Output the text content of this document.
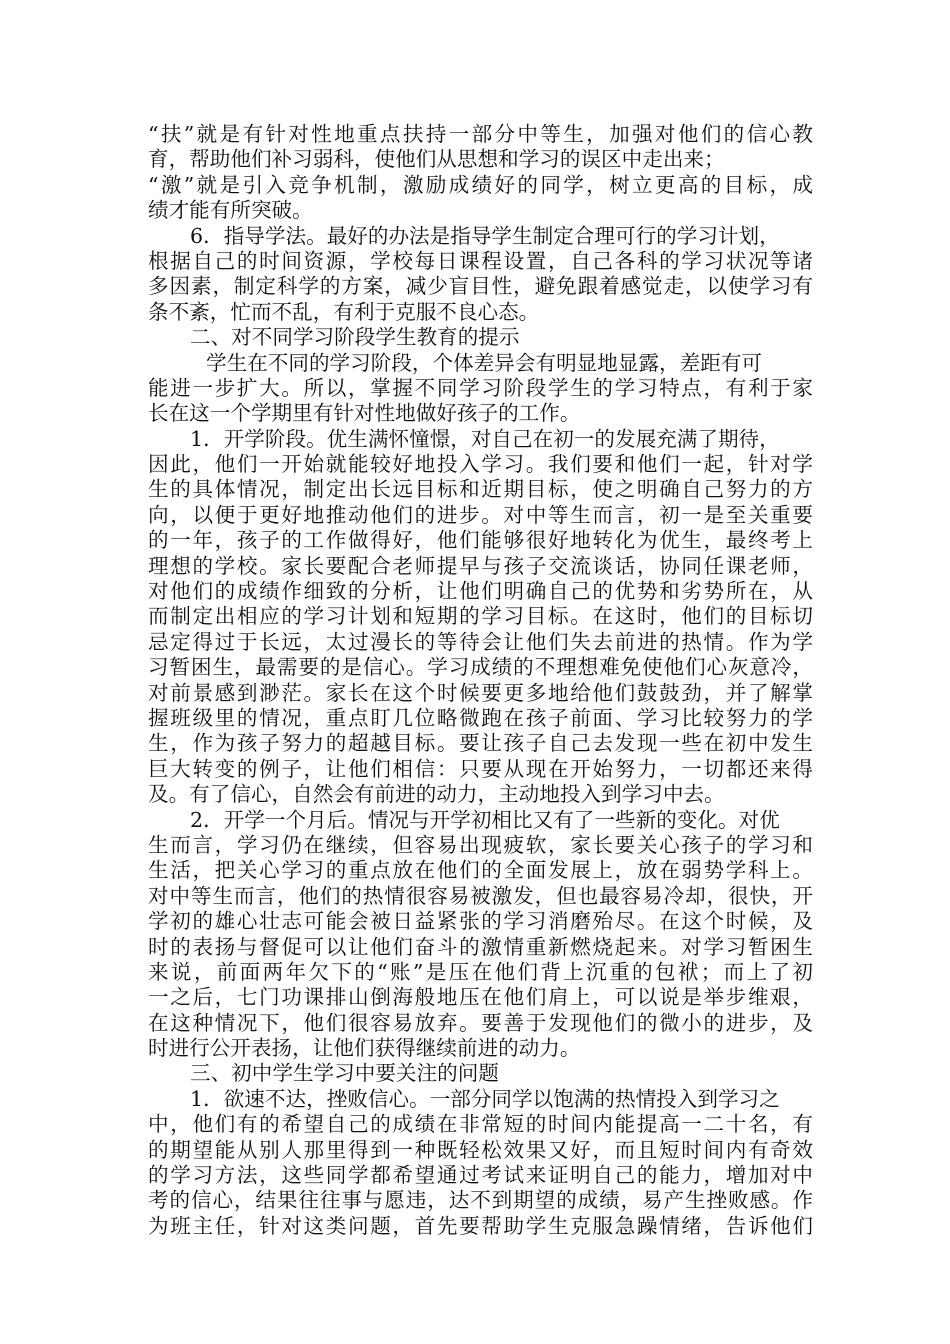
“扶”就是有针对性地重点扶持一部分中等生，加强对他们的信心教
育，帮助他们补习弱科，使他们从思想和学习的误区中走出来；
“激”就是引入竞争机制，激励成绩好的同学，树立更高的目标，成
绩才能有所突破。
6．指导学法。最好的办法是指导学生制定合理可行的学习计划，
根据自己的时间资源，学校每日课程设置，自己各科的学习状况等诸
多因素，制定科学的方案，减少盲目性，避免跟着感觉走，以使学习有
条不紊，忙而不乱，有利于克服不良心态。
二、对不同学习阶段学生教育的提示
学生在不同的学习阶段，个体差异会有明显地显露，差距有可
能进一步扩大。所以，掌握不同学习阶段学生的学习特点，有利于家
长在这一个学期里有针对性地做好孩子的工作。
1．开学阶段。优生满怀憧憬，对自己在初一的发展充满了期待，
因此，他们一开始就能较好地投入学习。我们要和他们一起，针对学
生的具体情况，制定出长远目标和近期目标，使之明确自己努力的方
向，以便于更好地推动他们的进步。对中等生而言，初一是至关重要
的一年，孩子的工作做得好，他们能够很好地转化为优生，最终考上
理想的学校。家长要配合老师提早与孩子交流谈话，协同任课老师，
对他们的成绩作细致的分析，让他们明确自己的优势和劣势所在，从
而制定出相应的学习计划和短期的学习目标。在这时，他们的目标切
忌定得过于长远，太过漫长的等待会让他们失去前进的热情。作为学
习暂困生，最需要的是信心。学习成绩的不理想难免使他们心灰意冷，
对前景感到渺茫。家长在这个时候要更多地给他们鼓鼓劲，并了解掌
握班级里的情况，重点盯几位略微跑在孩子前面、学习比较努力的学
生，作为孩子努力的超越目标。要让孩子自己去发现一些在初中发生
巨大转变的例子，让他们相信：只要从现在开始努力，一切都还来得
及。有了信心，自然会有前进的动力，主动地投入到学习中去。
2．开学一个月后。情况与开学初相比又有了一些新的变化。对优
生而言，学习仍在继续，但容易出现疲软，家长要关心孩子的学习和
生活，把关心学习的重点放在他们的全面发展上，放在弱势学科上。
对中等生而言，他们的热情很容易被激发，但也最容易冷却，很快，开
学初的雄心壮志可能会被日益紧张的学习消磨殆尽。在这个时候，及
时的表扬与督促可以让他们奋斗的激情重新燃烧起来。对学习暂困生
来说，前面两年欠下的“账”是压在他们背上沉重的包袱；而上了初
一之后，七门功课排山倒海般地压在他们肩上，可以说是举步维艰，
在这种情况下，他们很容易放弃。要善于发现他们的微小的进步，及
时进行公开表扬，让他们获得继续前进的动力。
三、初中学生学习中要关注的问题
1．欲速不达，挫败信心。一部分同学以饱满的热情投入到学习之
中，他们有的希望自己的成绩在非常短的时间内能提高一二十名，有
的期望能从别人那里得到一种既轻松效果又好，而且短时间内有奇效
的学习方法，这些同学都希望通过考试来证明自己的能力，增加对中
考的信心，结果往往事与愿违，达不到期望的成绩，易产生挫败感。作
为班主任，针对这类问题，首先要帮助学生克服急躁情绪，告诉他们
